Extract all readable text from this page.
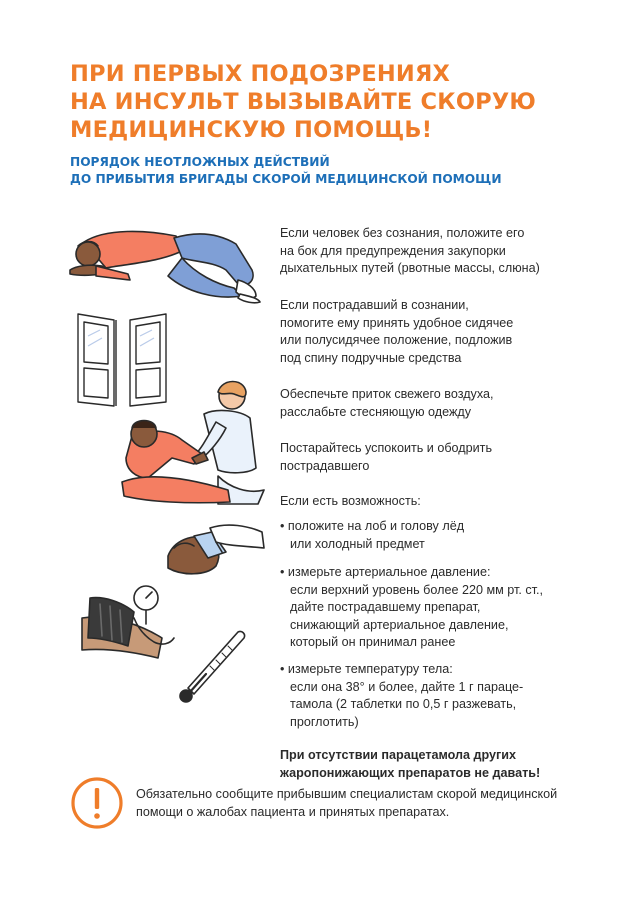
ПРИ ПЕРВЫХ ПОДОЗРЕНИЯХ
НА ИНСУЛЬТ ВЫЗЫВАЙТЕ СКОРУЮ
МЕДИЦИНСКУЮ ПОМОЩЬ!
ПОРЯДОК НЕОТЛОЖНЫХ ДЕЙСТВИЙ
ДО ПРИБЫТИЯ БРИГАДЫ СКОРОЙ МЕДИЦИНСКОЙ ПОМОЩИ
Если человек без сознания, положите его
на бок для предупреждения закупорки
дыхательных путей (рвотные массы, слюна)
Если пострадавший в сознании,
помогите ему принять удобное сидячее
или полусидячее положение, подложив
под спину подручные средства
Обеспечьте приток свежего воздуха,
расслабьте стесняющую одежду
Постарайтесь успокоить и ободрить
пострадавшего
Если есть возможность:
• положите на лоб и голову лёд
или холодный предмет
• измерьте артериальное давление:
если верхний уровень более 220 мм рт. ст.,
дайте пострадавшему препарат,
снижающий артериальное давление,
который он принимал ранее
• измерьте температуру тела:
если она 38° и более, дайте 1 г параце-
тамола (2 таблетки по 0,5 г разжевать,
проглотить)
При отсутствии парацетамола других
жаропонижающих препаратов не давать!
Обязательно сообщите прибывшим специалистам скорой медицинской
помощи о жалобах пациента и принятых препаратах.
